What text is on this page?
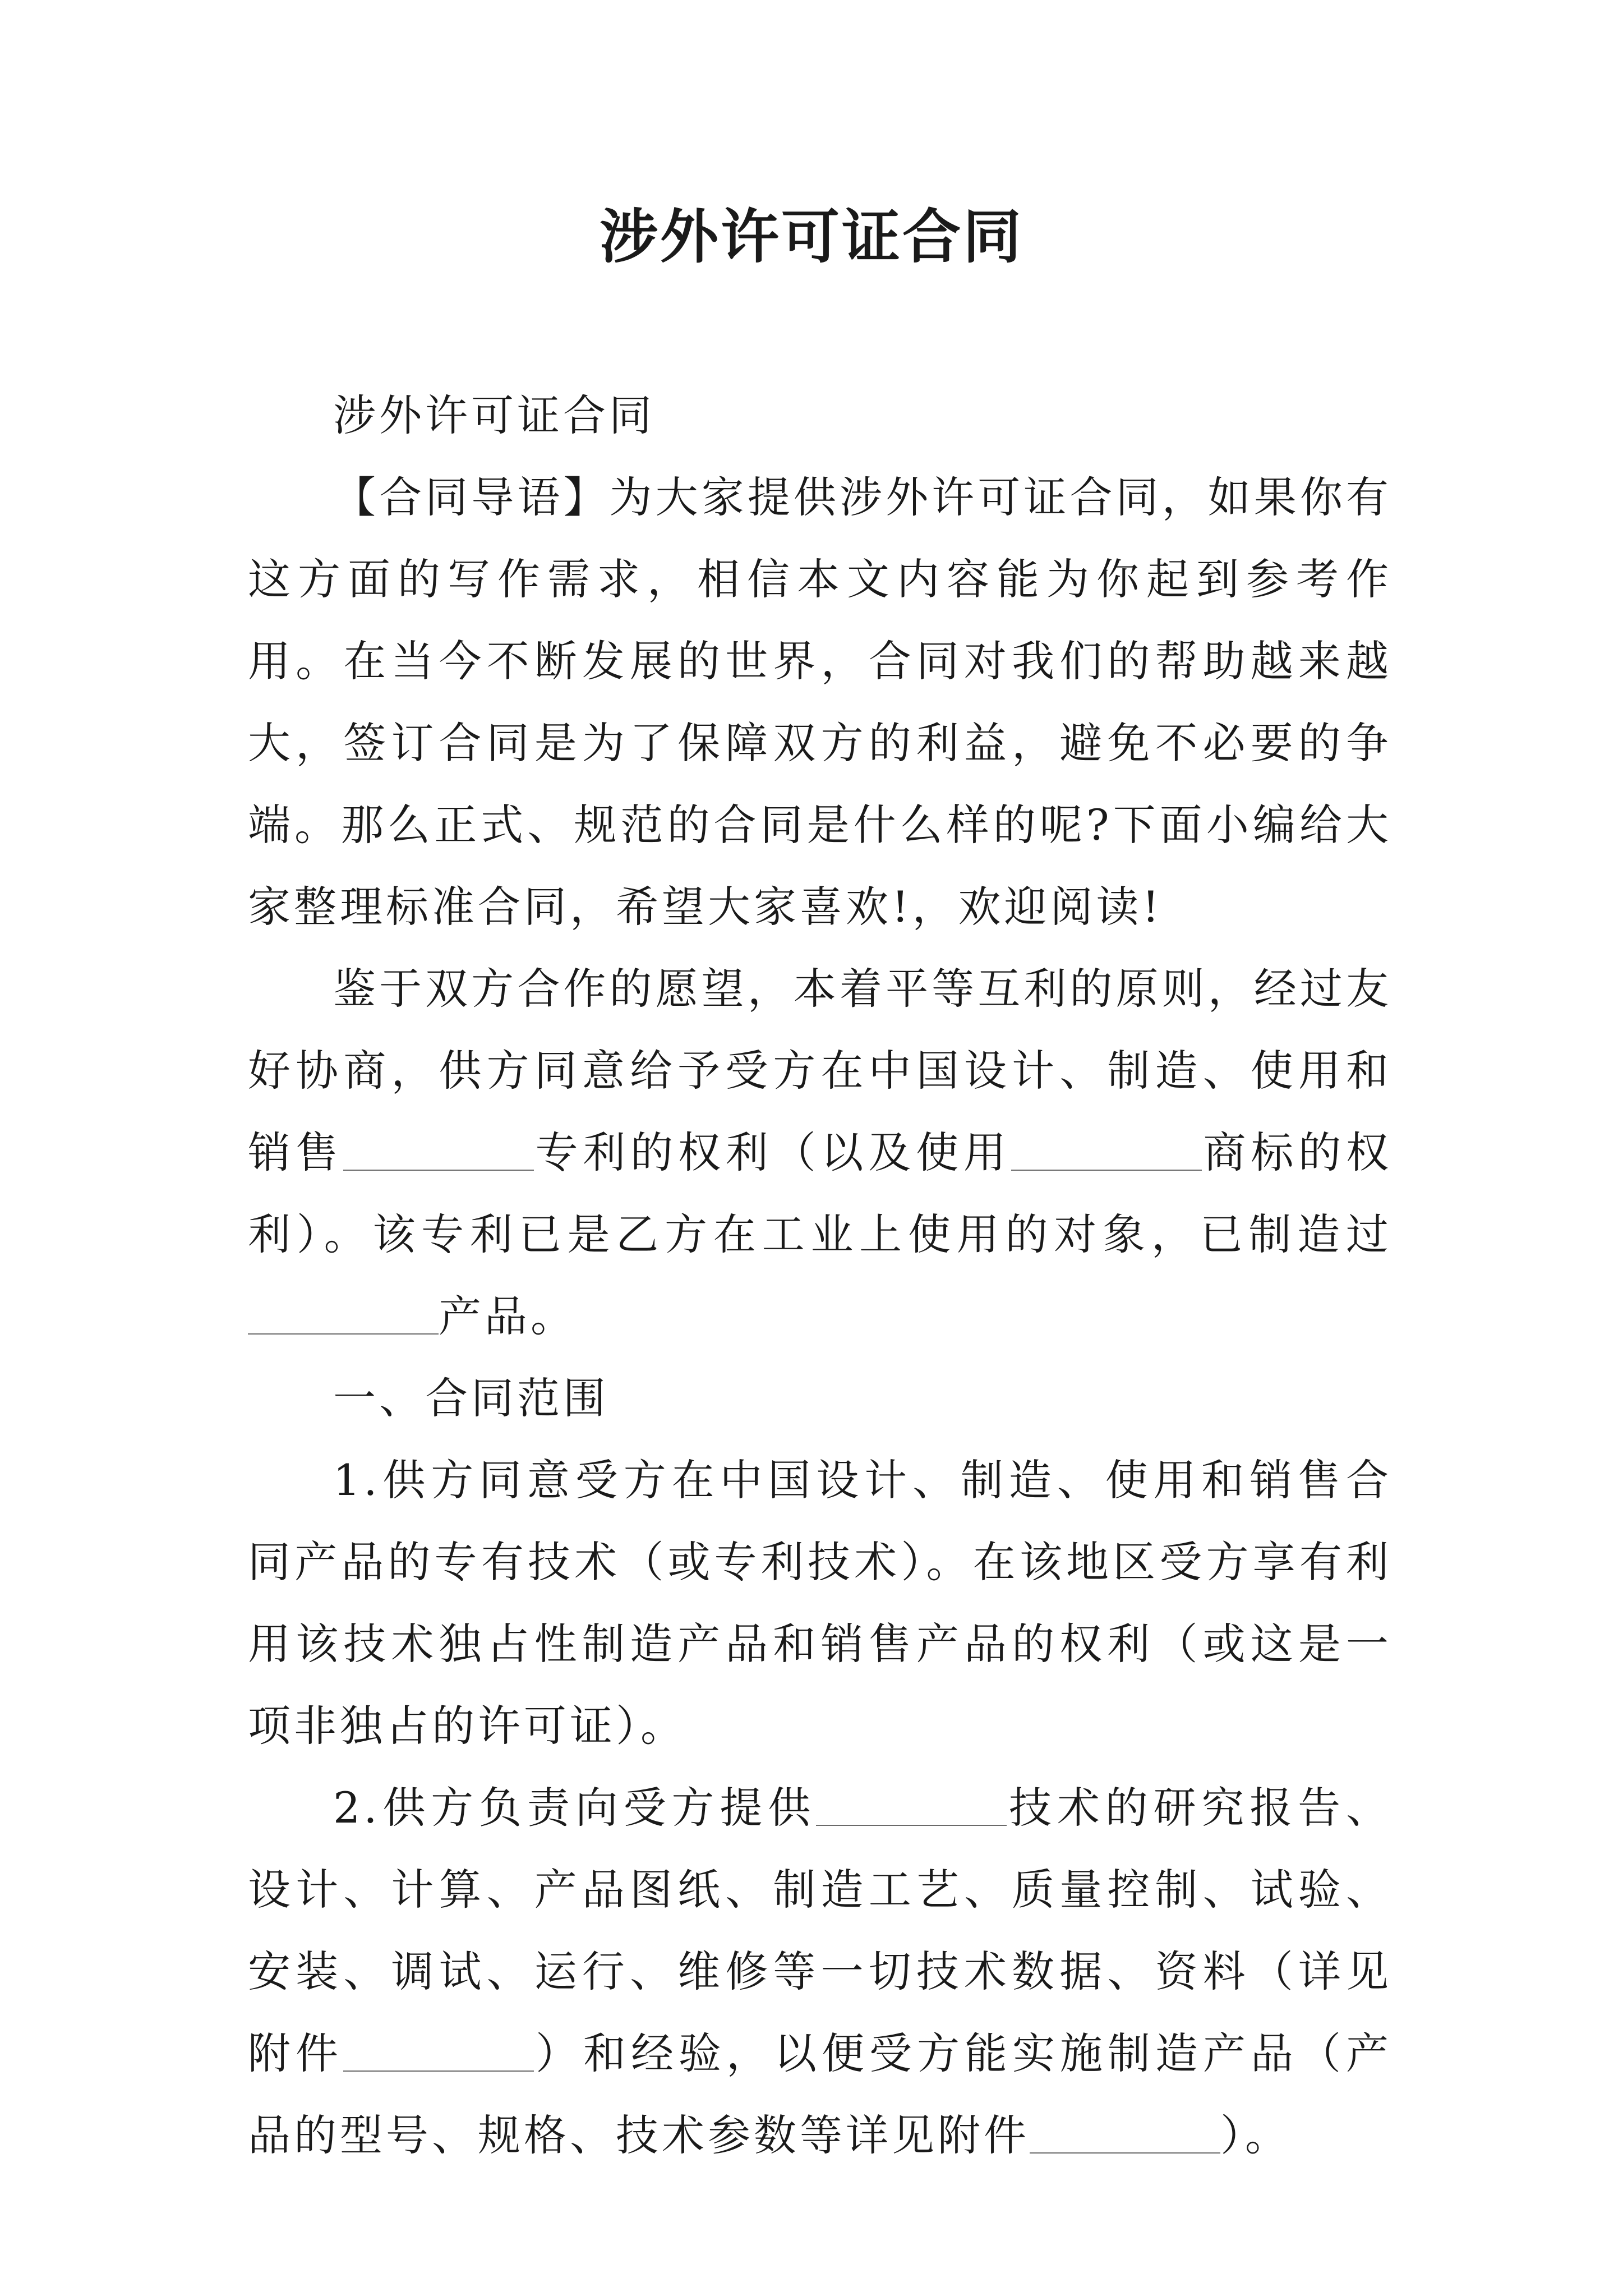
涉外许可证合同

涉外许可证合同

【合同导语】为大家提供涉外许可证合同，如果你有这方面的写作需求，相信本文内容能为你起到参考作用。在当今不断发展的世界，合同对我们的帮助越来越大，签订合同是为了保障双方的利益，避免不必要的争端。那么正式、规范的合同是什么样的呢?下面小编给大家整理标准合同，希望大家喜欢!，欢迎阅读!

鉴于双方合作的愿望，本着平等互利的原则，经过友好协商，供方同意给予受方在中国设计、制造、使用和销售	专利的权利（以及使用	商标的权利）。该专利已是乙方在工业上使用的对象，已制造过产品。

一、合同范围

1.供方同意受方在中国设计、制造、使用和销售合同产品的专有技术（或专利技术）。在该地区受方享有利用该技术独占性制造产品和销售产品的权利（或这是一项非独占的许可证）。

2.供方负责向受方提供	技术的研究报告、设计、计算、产品图纸、制造工艺、质量控制、试验、安装、调试、运行、维修等一切技术数据、资料（详见附件	）和经验，以便受方能实施制造产品（产品的型号、规格、技术参数等详见附件	）。
